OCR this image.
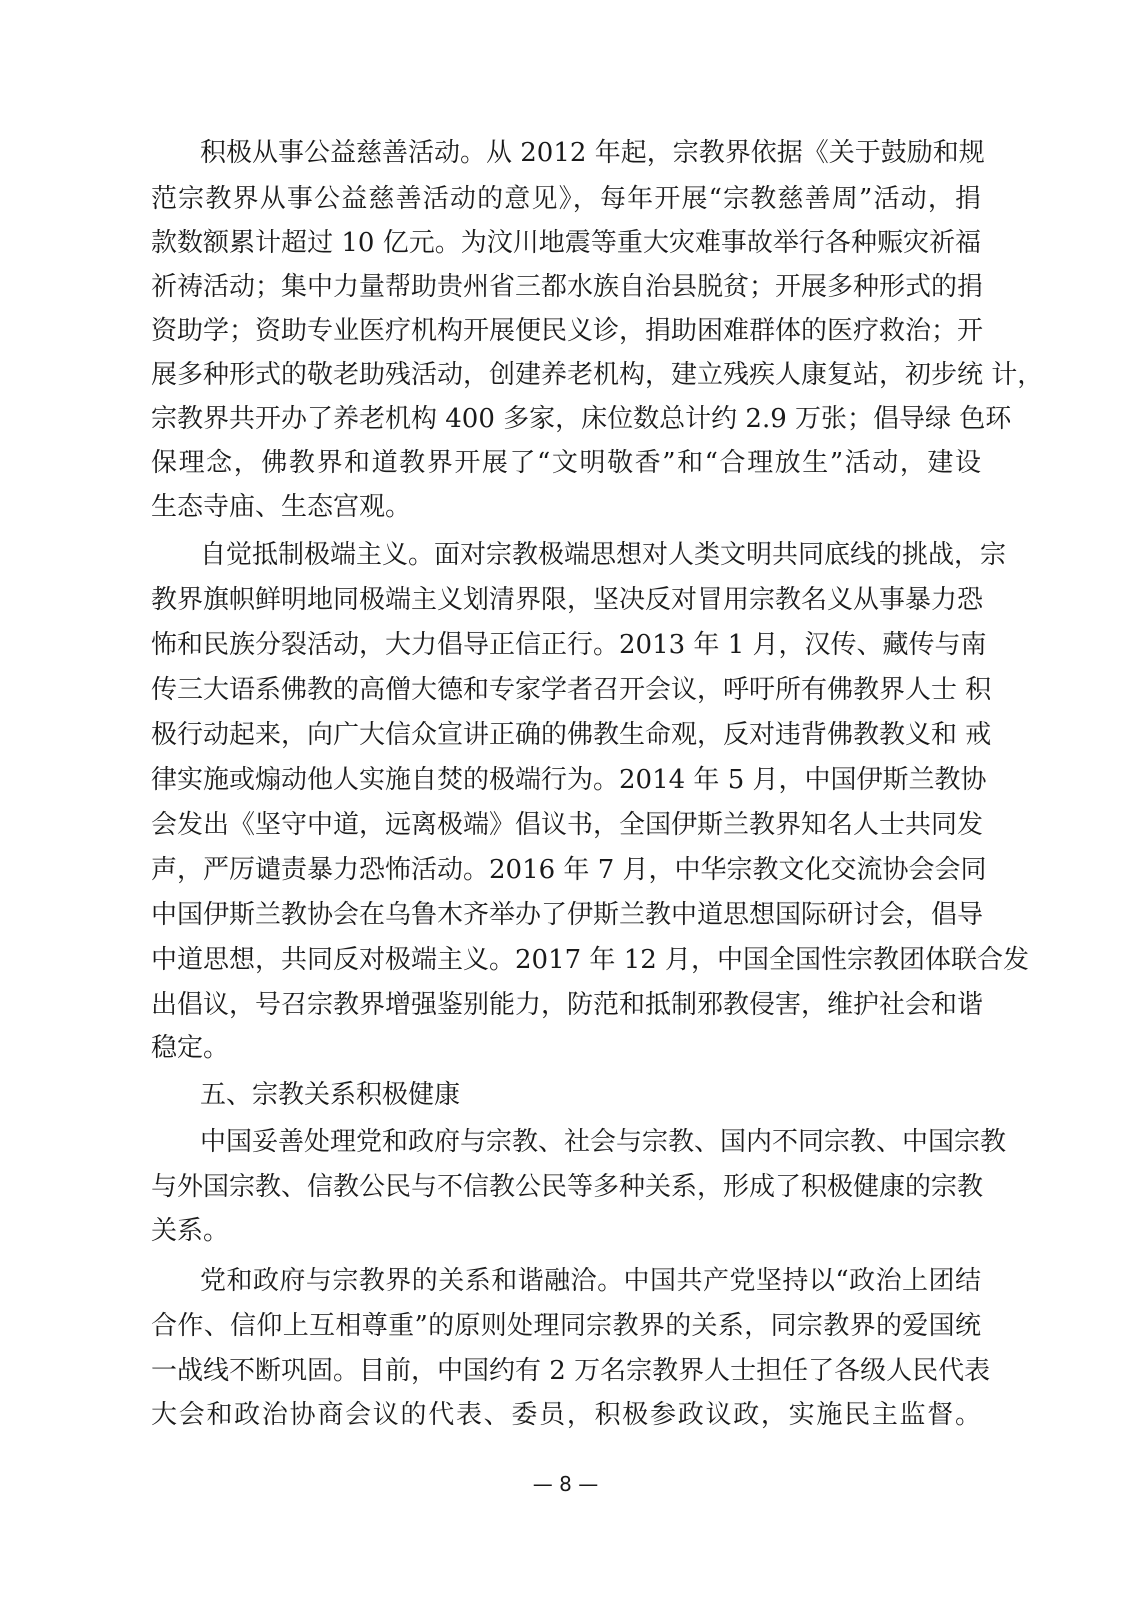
积极从事公益慈善活动。从 2012 年起，宗教界依据《关于鼓励和规
范宗教界从事公益慈善活动的意见》，每年开展“宗教慈善周”活动，捐
款数额累计超过 10 亿元。为汶川地震等重大灾难事故举行各种赈灾祈福
祈祷活动；集中力量帮助贵州省三都水族自治县脱贫；开展多种形式的捐
资助学；资助专业医疗机构开展便民义诊，捐助困难群体的医疗救治；开
展多种形式的敬老助残活动，创建养老机构，建立残疾人康复站，初步统 计，
宗教界共开办了养老机构 400 多家，床位数总计约 2.9 万张；倡导绿 色环
保理念，佛教界和道教界开展了“文明敬香”和“合理放生”活动，建设
生态寺庙、生态宫观。
自觉抵制极端主义。面对宗教极端思想对人类文明共同底线的挑战，宗
教界旗帜鲜明地同极端主义划清界限，坚决反对冒用宗教名义从事暴力恐
怖和民族分裂活动，大力倡导正信正行。2013 年 1 月，汉传、藏传与南
传三大语系佛教的高僧大德和专家学者召开会议，呼吁所有佛教界人士 积
极行动起来，向广大信众宣讲正确的佛教生命观，反对违背佛教教义和 戒
律实施或煽动他人实施自焚的极端行为。2014 年 5 月，中国伊斯兰教协
会发出《坚守中道，远离极端》倡议书，全国伊斯兰教界知名人士共同发
声，严厉谴责暴力恐怖活动。2016 年 7 月，中华宗教文化交流协会会同
中国伊斯兰教协会在乌鲁木齐举办了伊斯兰教中道思想国际研讨会，倡导
中道思想，共同反对极端主义。2017 年 12 月，中国全国性宗教团体联合发
出倡议，号召宗教界增强鉴别能力，防范和抵制邪教侵害，维护社会和谐
稳定。
五、宗教关系积极健康
中国妥善处理党和政府与宗教、社会与宗教、国内不同宗教、中国宗教
与外国宗教、信教公民与不信教公民等多种关系，形成了积极健康的宗教
关系。
党和政府与宗教界的关系和谐融洽。中国共产党坚持以“政治上团结
合作、信仰上互相尊重”的原则处理同宗教界的关系，同宗教界的爱国统
一战线不断巩固。目前，中国约有 2 万名宗教界人士担任了各级人民代表
大会和政治协商会议的代表、委员，积极参政议政，实施民主监督。
— 8 —
